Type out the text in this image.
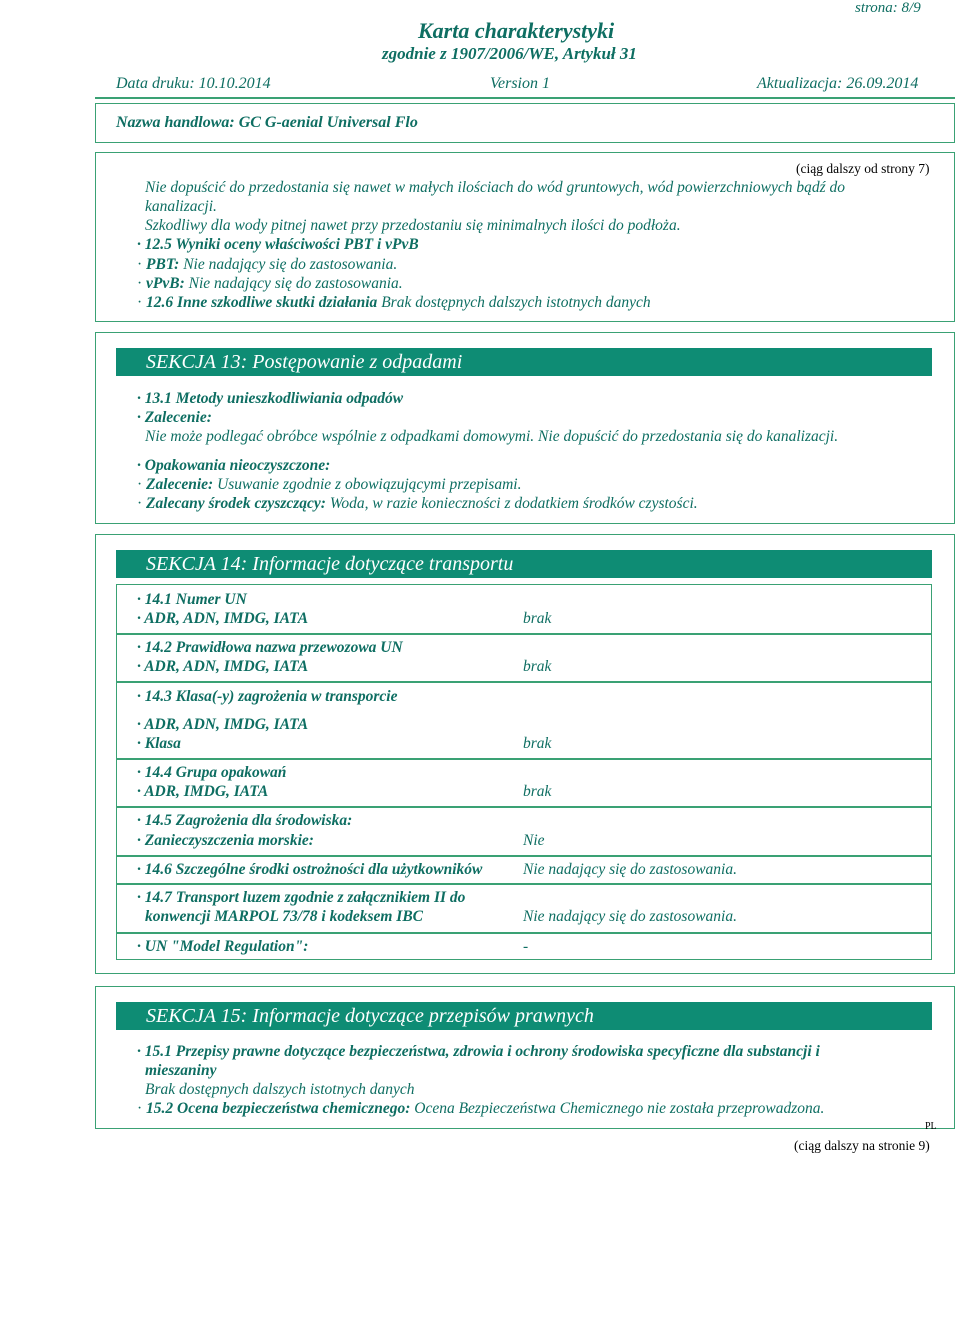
strona: 8/9
Karta charakterystyki
zgodnie z 1907/2006/WE, Artykuł 31
Data druku: 10.10.2014	Version 1	Aktualizacja: 26.09.2014
Nazwa handlowa: GC G-aenial Universal Flo
(ciąg dalszy od strony 7)
Nie dopuścić do przedostania się nawet w małych ilościach do wód gruntowych, wód powierzchniowych bądź do
kanalizacji.
Szkodliwy dla wody pitnej nawet przy przedostaniu się minimalnych ilości do podłoża.
· 12.5 Wyniki oceny właściwości PBT i vPvB
· PBT: Nie nadający się do zastosowania.
· vPvB: Nie nadający się do zastosowania.
· 12.6 Inne szkodliwe skutki działania Brak dostępnych dalszych istotnych danych
SEKCJA 13: Postępowanie z odpadami
· 13.1 Metody unieszkodliwiania odpadów
· Zalecenie:
Nie może podlegać obróbce wspólnie z odpadkami domowymi. Nie dopuścić do przedostania się do kanalizacji.
· Opakowania nieoczyszczone:
· Zalecenie: Usuwanie zgodnie z obowiązującymi przepisami.
· Zalecany środek czyszczący: Woda, w razie konieczności z dodatkiem środków czystości.
SEKCJA 14: Informacje dotyczące transportu
· 14.1 Numer UN
· ADR, ADN, IMDG, IATA	brak
· 14.2 Prawidłowa nazwa przewozowa UN
· ADR, ADN, IMDG, IATA	brak
· 14.3 Klasa(-y) zagrożenia w transporcie
· ADR, ADN, IMDG, IATA
· Klasa	brak
· 14.4 Grupa opakowań
· ADR, IMDG, IATA	brak
· 14.5 Zagrożenia dla środowiska:
· Zanieczyszczenia morskie:	Nie
· 14.6 Szczególne środki ostrożności dla użytkowników	Nie nadający się do zastosowania.
· 14.7 Transport luzem zgodnie z załącznikiem II do
konwencji MARPOL 73/78 i kodeksem IBC	Nie nadający się do zastosowania.
· UN "Model Regulation":	-
SEKCJA 15: Informacje dotyczące przepisów prawnych
· 15.1 Przepisy prawne dotyczące bezpieczeństwa, zdrowia i ochrony środowiska specyficzne dla substancji i
mieszaniny
Brak dostępnych dalszych istotnych danych
· 15.2 Ocena bezpieczeństwa chemicznego: Ocena Bezpieczeństwa Chemicznego nie została przeprowadzona.
PL
(ciąg dalszy na stronie 9)
